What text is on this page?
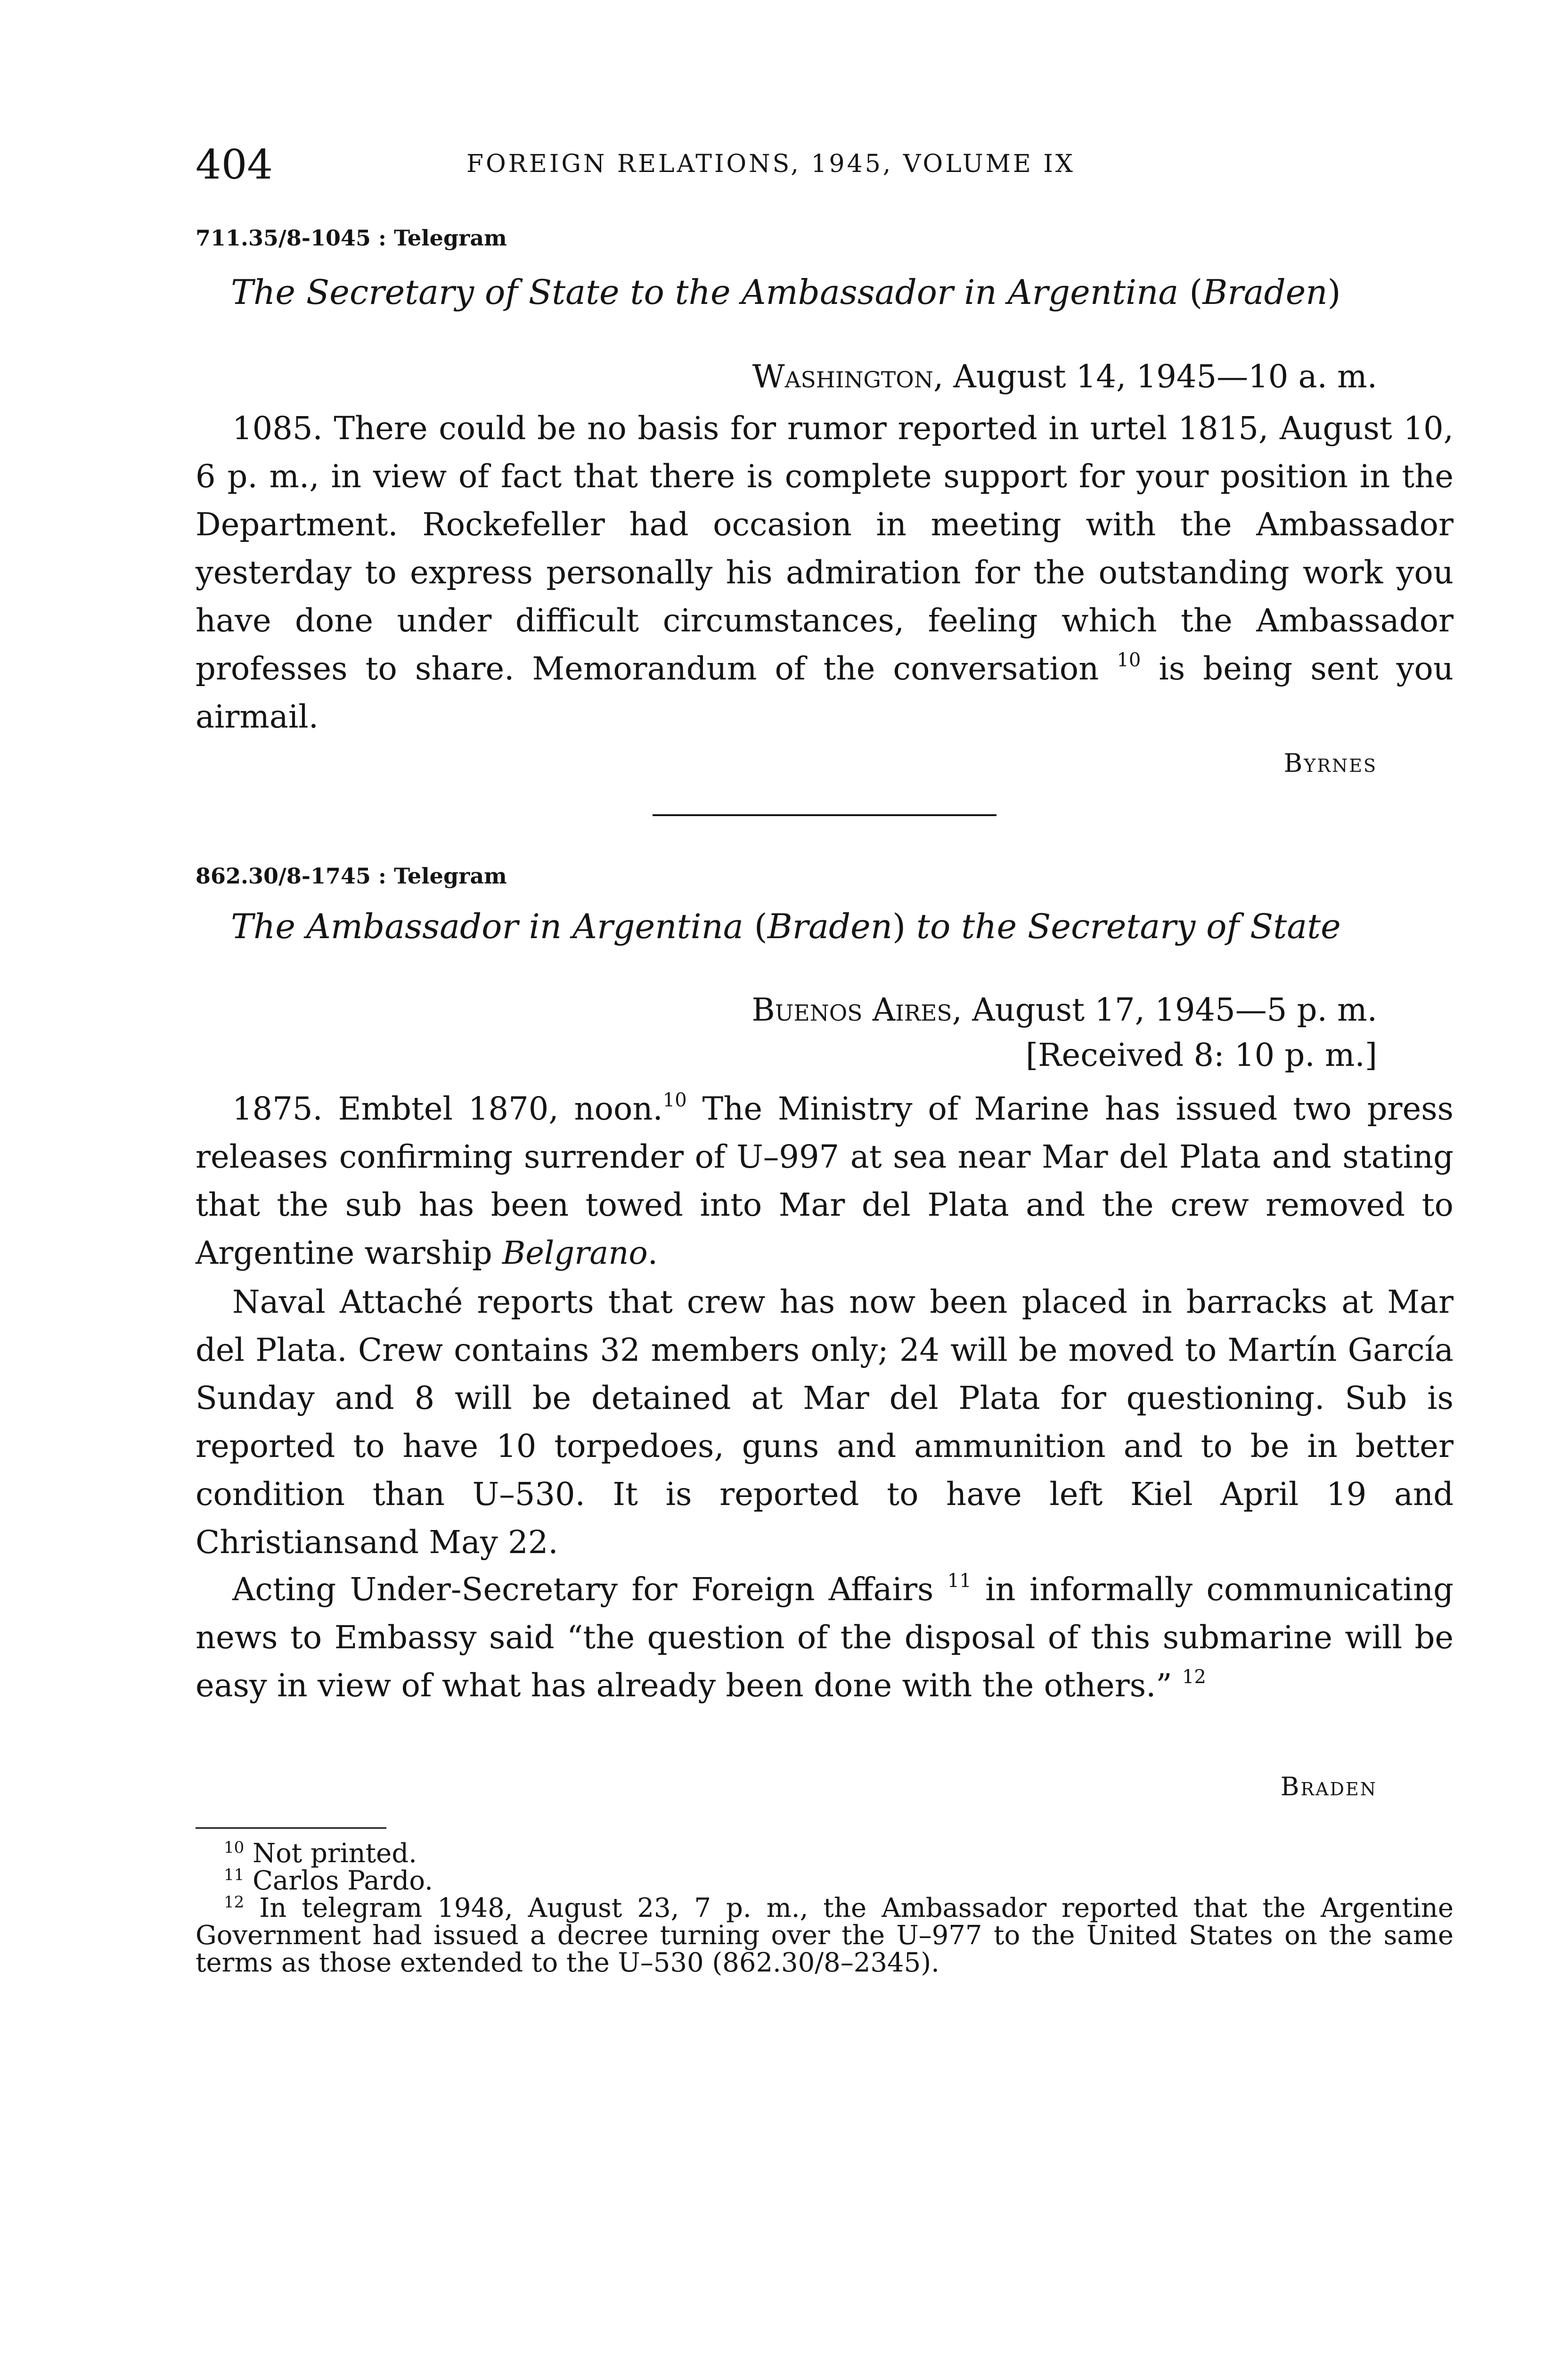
404	FOREIGN RELATIONS, 1945, VOLUME IX
711.35/8-1045 : Telegram
The Secretary of State to the Ambassador in Argentina (Braden)
Washington, August 14, 1945—10 a. m.
1085. There could be no basis for rumor reported in urtel 1815, August 10, 6 p. m., in view of fact that there is complete support for your position in the Department. Rockefeller had occasion in meeting with the Ambassador yesterday to express personally his admiration for the outstanding work you have done under difficult circumstances, feeling which the Ambassador professes to share. Memorandum of the conversation $^{10}$ is being sent you airmail.
Byrnes
862.30/8-1745 : Telegram
The Ambassador in Argentina (Braden) to the Secretary of State
Buenos Aires, August 17, 1945—5 p. m.
[Received 8: 10 p. m.]
1875. Embtel 1870, noon.$^{10}$ The Ministry of Marine has issued two press releases confirming surrender of U–997 at sea near Mar del Plata and stating that the sub has been towed into Mar del Plata and the crew removed to Argentine warship Belgrano.
Naval Attaché reports that crew has now been placed in barracks at Mar del Plata. Crew contains 32 members only; 24 will be moved to Martín García Sunday and 8 will be detained at Mar del Plata for questioning. Sub is reported to have 10 torpedoes, guns and ammunition and to be in better condition than U–530. It is reported to have left Kiel April 19 and Christiansand May 22.
Acting Under-Secretary for Foreign Affairs $^{11}$ in informally communicating news to Embassy said “the question of the disposal of this submarine will be easy in view of what has already been done with the others.” $^{12}$
Braden

$^{10}$ Not printed.

$^{11}$ Carlos Pardo.

$^{12}$ In telegram 1948, August 23, 7 p. m., the Ambassador reported that the Argentine Government had issued a decree turning over the U–977 to the United States on the same terms as those extended to the U–530 (862.30/8–2345).
